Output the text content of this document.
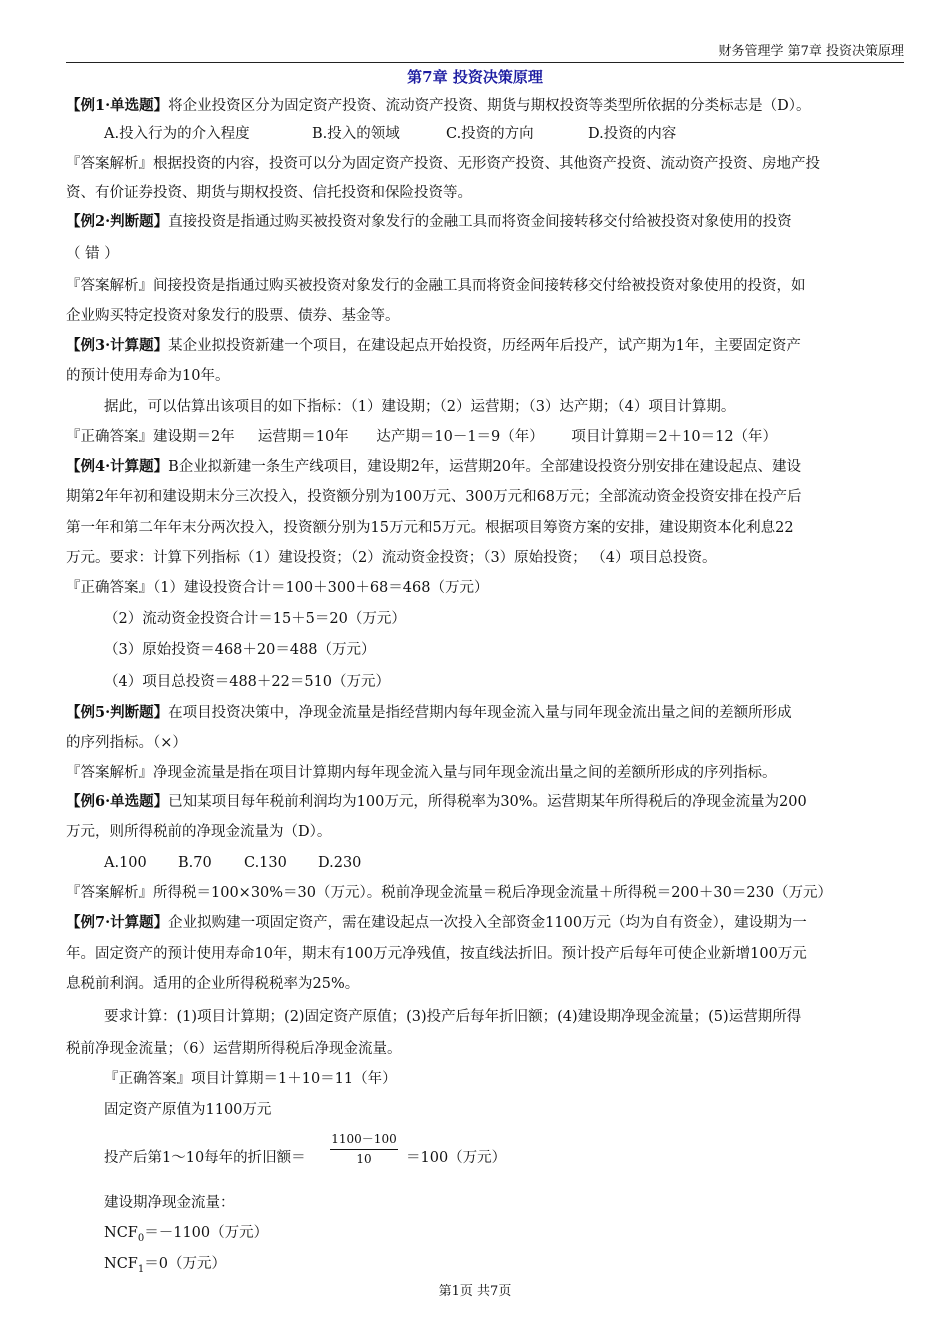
财务管理学 第7章 投资决策原理
第7章 投资决策原理
【例1·单选题】将企业投资区分为固定资产投资、流动资产投资、期货与期权投资等类型所依据的分类标志是（D）。
A.投入行为的介入程度	B.投入的领域	C.投资的方向	D.投资的内容
『答案解析』根据投资的内容，投资可以分为固定资产投资、无形资产投资、其他资产投资、流动资产投资、房地产投
资、有价证券投资、期货与期权投资、信托投资和保险投资等。
【例2·判断题】直接投资是指通过购买被投资对象发行的金融工具而将资金间接转移交付给被投资对象使用的投资
（ 错 ）
『答案解析』间接投资是指通过购买被投资对象发行的金融工具而将资金间接转移交付给被投资对象使用的投资，如
企业购买特定投资对象发行的股票、债券、基金等。
【例3·计算题】某企业拟投资新建一个项目，在建设起点开始投资，历经两年后投产，试产期为1年，主要固定资产
的预计使用寿命为10年。
据此，可以估算出该项目的如下指标：（1）建设期；（2）运营期；（3）达产期；（4）项目计算期。
『正确答案』建设期＝2年     运营期＝10年      达产期＝10－1＝9（年）      项目计算期＝2＋10＝12（年）
【例4·计算题】B企业拟新建一条生产线项目，建设期2年，运营期20年。全部建设投资分别安排在建设起点、建设
期第2年年初和建设期末分三次投入，投资额分别为100万元、300万元和68万元；全部流动资金投资安排在投产后
第一年和第二年年末分两次投入，投资额分别为15万元和5万元。根据项目筹资方案的安排，建设期资本化利息22
万元。要求：计算下列指标（1）建设投资；（2）流动资金投资；（3）原始投资； （4）项目总投资。
『正确答案』（1）建设投资合计＝100＋300＋68＝468（万元）
（2）流动资金投资合计＝15＋5＝20（万元）
（3）原始投资＝468＋20＝488（万元）
（4）项目总投资＝488＋22＝510（万元）
【例5·判断题】在项目投资决策中，净现金流量是指经营期内每年现金流入量与同年现金流出量之间的差额所形成
的序列指标。（×）
『答案解析』净现金流量是指在项目计算期内每年现金流入量与同年现金流出量之间的差额所形成的序列指标。
【例6·单选题】已知某项目每年税前利润均为100万元，所得税率为30%。运营期某年所得税后的净现金流量为200
万元，则所得税前的净现金流量为（D）。
A.100 B.70 C.130 D.230
『答案解析』所得税＝100×30%＝30（万元）。税前净现金流量＝税后净现金流量＋所得税＝200＋30＝230（万元）
【例7·计算题】企业拟购建一项固定资产，需在建设起点一次投入全部资金1100万元（均为自有资金），建设期为一
年。固定资产的预计使用寿命10年，期末有100万元净残值，按直线法折旧。预计投产后每年可使企业新增100万元
息税前利润。适用的企业所得税税率为25%。
要求计算：(1)项目计算期；(2)固定资产原值；(3)投产后每年折旧额；(4)建设期净现金流量；(5)运营期所得
税前净现金流量；（6）运营期所得税后净现金流量。
『正确答案』项目计算期＝1＋10＝11（年）
固定资产原值为1100万元
投产后第1～10每年的折旧额＝
1100－100
10	＝100（万元）
建设期净现金流量：
$NCF_0=-1100$（万元）
$NCF_1=0$（万元）
第1页 共7页
